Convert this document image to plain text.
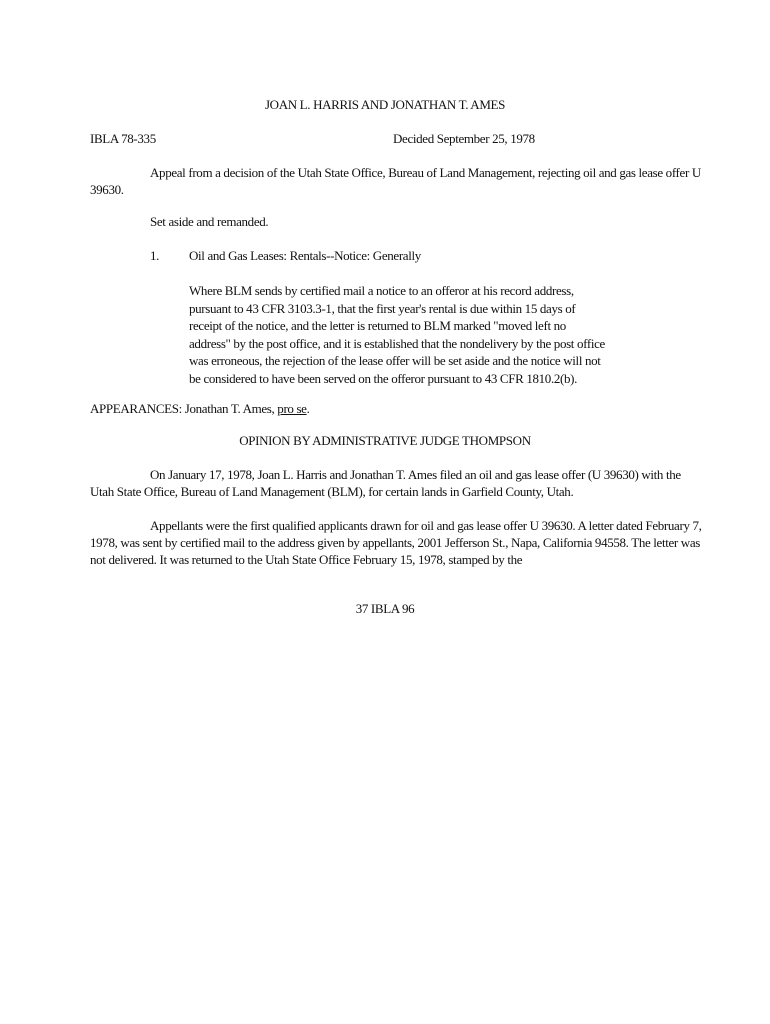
JOAN L. HARRIS AND JONATHAN T. AMES
IBLA 78-335	Decided September 25, 1978
Appeal from a decision of the Utah State Office, Bureau of Land Management, rejecting oil and gas lease offer U
39630.
Set aside and remanded.
1. Oil and Gas Leases: Rentals--Notice: Generally
Where BLM sends by certified mail a notice to an offeror at his record address,
pursuant to 43 CFR 3103.3-1, that the first year's rental is due within 15 days of
receipt of the notice, and the letter is returned to BLM marked "moved left no
address" by the post office, and it is established that the nondelivery by the post office
was erroneous, the rejection of the lease offer will be set aside and the notice will not
be considered to have been served on the offeror pursuant to 43 CFR 1810.2(b).
APPEARANCES: Jonathan T. Ames, pro se.
OPINION BY ADMINISTRATIVE JUDGE THOMPSON
On January 17, 1978, Joan L. Harris and Jonathan T. Ames filed an oil and gas lease offer (U 39630) with the
Utah State Office, Bureau of Land Management (BLM), for certain lands in Garfield County, Utah.
Appellants were the first qualified applicants drawn for oil and gas lease offer U 39630. A letter dated February 7,
1978, was sent by certified mail to the address given by appellants, 2001 Jefferson St., Napa, California 94558. The letter was
not delivered. It was returned to the Utah State Office February 15, 1978, stamped by the
37 IBLA 96
